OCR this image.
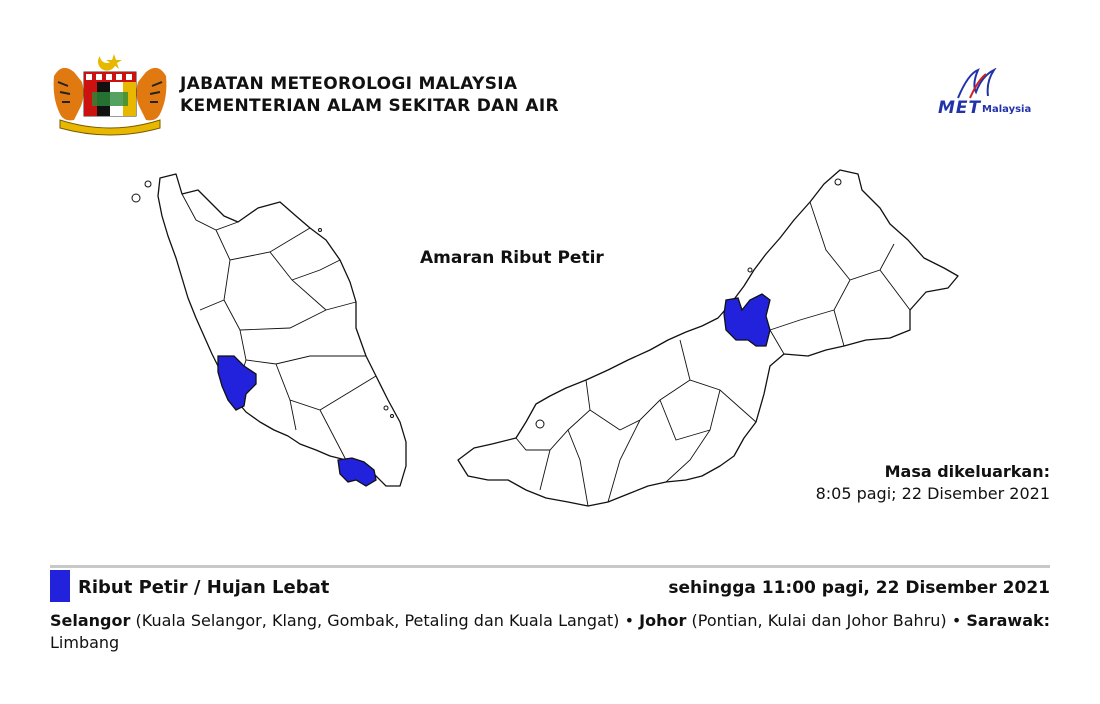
JABATAN METEOROLOGI MALAYSIA
KEMENTERIAN ALAM SEKITAR DAN AIR	MET Malaysia
Amaran Ribut Petir
Masa dikeluarkan:
8:05 pagi; 22 Disember 2021
Ribut Petir / Hujan Lebat	sehingga 11:00 pagi, 22 Disember 2021
Selangor (Kuala Selangor, Klang, Gombak, Petaling dan Kuala Langat) • Johor (Pontian, Kulai dan Johor Bahru) • Sarawak: Limbang
